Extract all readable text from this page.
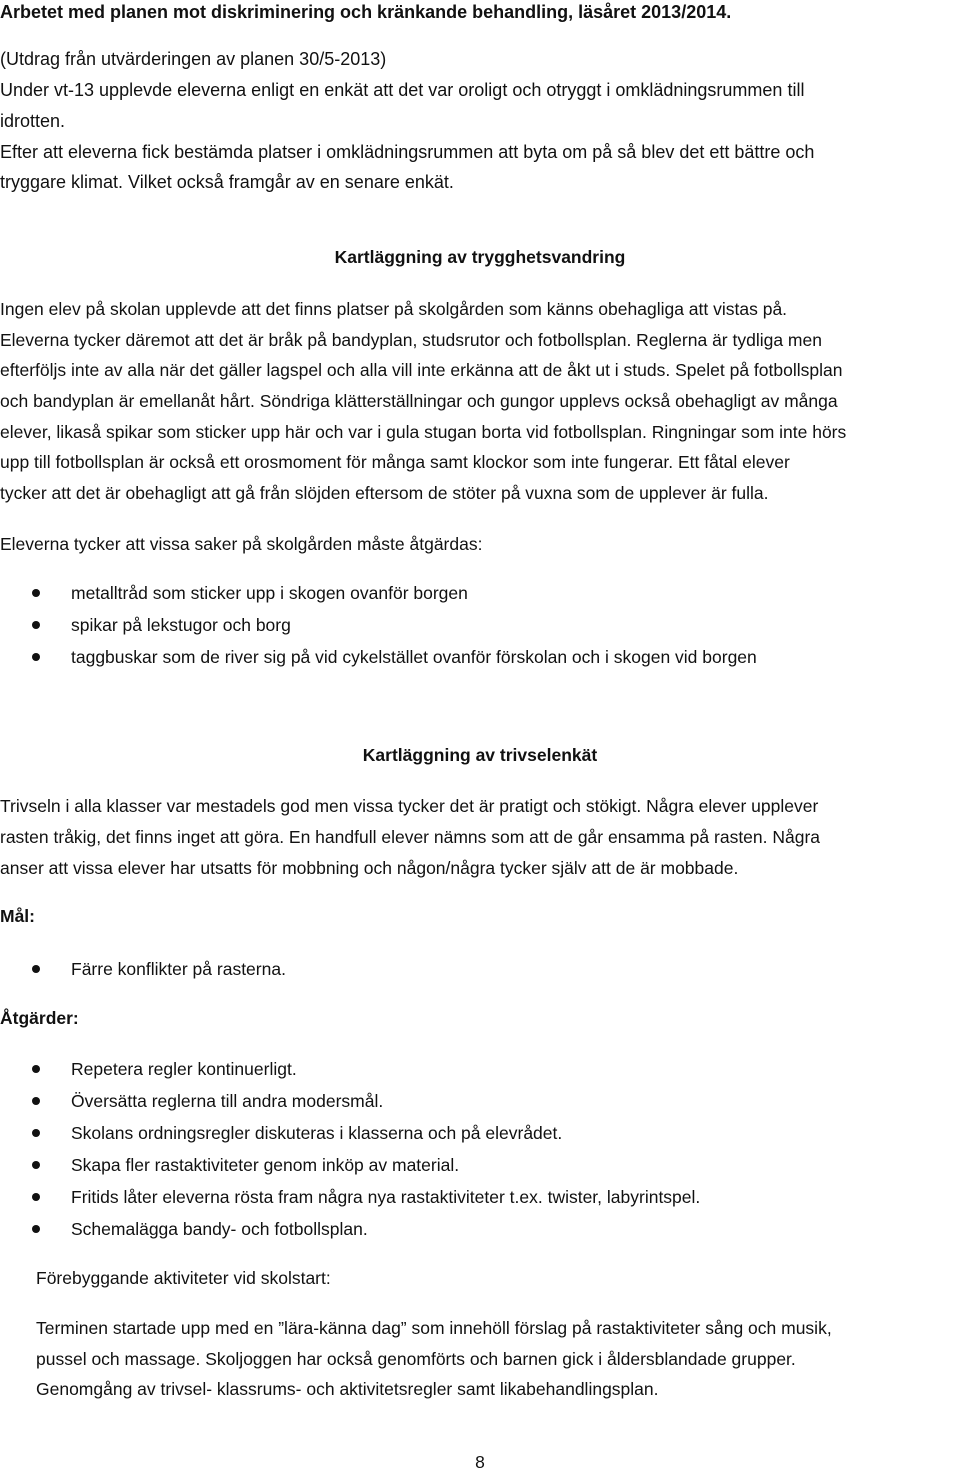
Arbetet med planen mot diskriminering och kränkande behandling, läsåret 2013/2014.
(Utdrag från utvärderingen av planen 30/5-2013)
Under vt-13 upplevde eleverna enligt en enkät att det var oroligt och otryggt i omklädningsrummen till
idrotten.
Efter att eleverna fick bestämda platser i omklädningsrummen att byta om på så blev det ett bättre och
tryggare klimat. Vilket också framgår av en senare enkät.
Kartläggning av trygghetsvandring
Ingen elev på skolan upplevde att det finns platser på skolgården som känns obehagliga att vistas på.
Eleverna tycker däremot att det är bråk på bandyplan, studsrutor och fotbollsplan. Reglerna är tydliga men
efterföljs inte av alla när det gäller lagspel och alla vill inte erkänna att de åkt ut i studs. Spelet på fotbollsplan
och bandyplan är emellanåt hårt. Söndriga klätterställningar och gungor upplevs också obehagligt av många
elever, likaså spikar som sticker upp här och var i gula stugan borta vid fotbollsplan. Ringningar som inte hörs
upp till fotbollsplan är också ett orosmoment för många samt klockor som inte fungerar. Ett fåtal elever
tycker att det är obehagligt att gå från slöjden eftersom de stöter på vuxna som de upplever är fulla.
Eleverna tycker att vissa saker på skolgården måste åtgärdas:
metalltråd som sticker upp i skogen ovanför borgen
spikar på lekstugor och borg
taggbuskar som de river sig på vid cykelstället ovanför förskolan och i skogen vid borgen
Kartläggning av trivselenkät
Trivseln i alla klasser var mestadels god men vissa tycker det är pratigt och stökigt. Några elever upplever
rasten tråkig, det finns inget att göra. En handfull elever nämns som att de går ensamma på rasten. Några
anser att vissa elever har utsatts för mobbning och någon/några tycker själv att de är mobbade.
Mål:
Färre konflikter på rasterna.
Åtgärder:
Repetera regler kontinuerligt.
Översätta reglerna till andra modersmål.
Skolans ordningsregler diskuteras i klasserna och på elevrådet.
Skapa fler rastaktiviteter genom inköp av material.
Fritids låter eleverna rösta fram några nya rastaktiviteter t.ex. twister, labyrintspel.
Schemalägga bandy- och fotbollsplan.
Förebyggande aktiviteter vid skolstart:
Terminen startade upp med en ”lära-känna dag” som innehöll förslag på rastaktiviteter sång och musik,
pussel och massage. Skoljoggen har också genomförts och barnen gick i åldersblandade grupper.
Genomgång av trivsel- klassrums- och aktivitetsregler samt likabehandlingsplan.
8
